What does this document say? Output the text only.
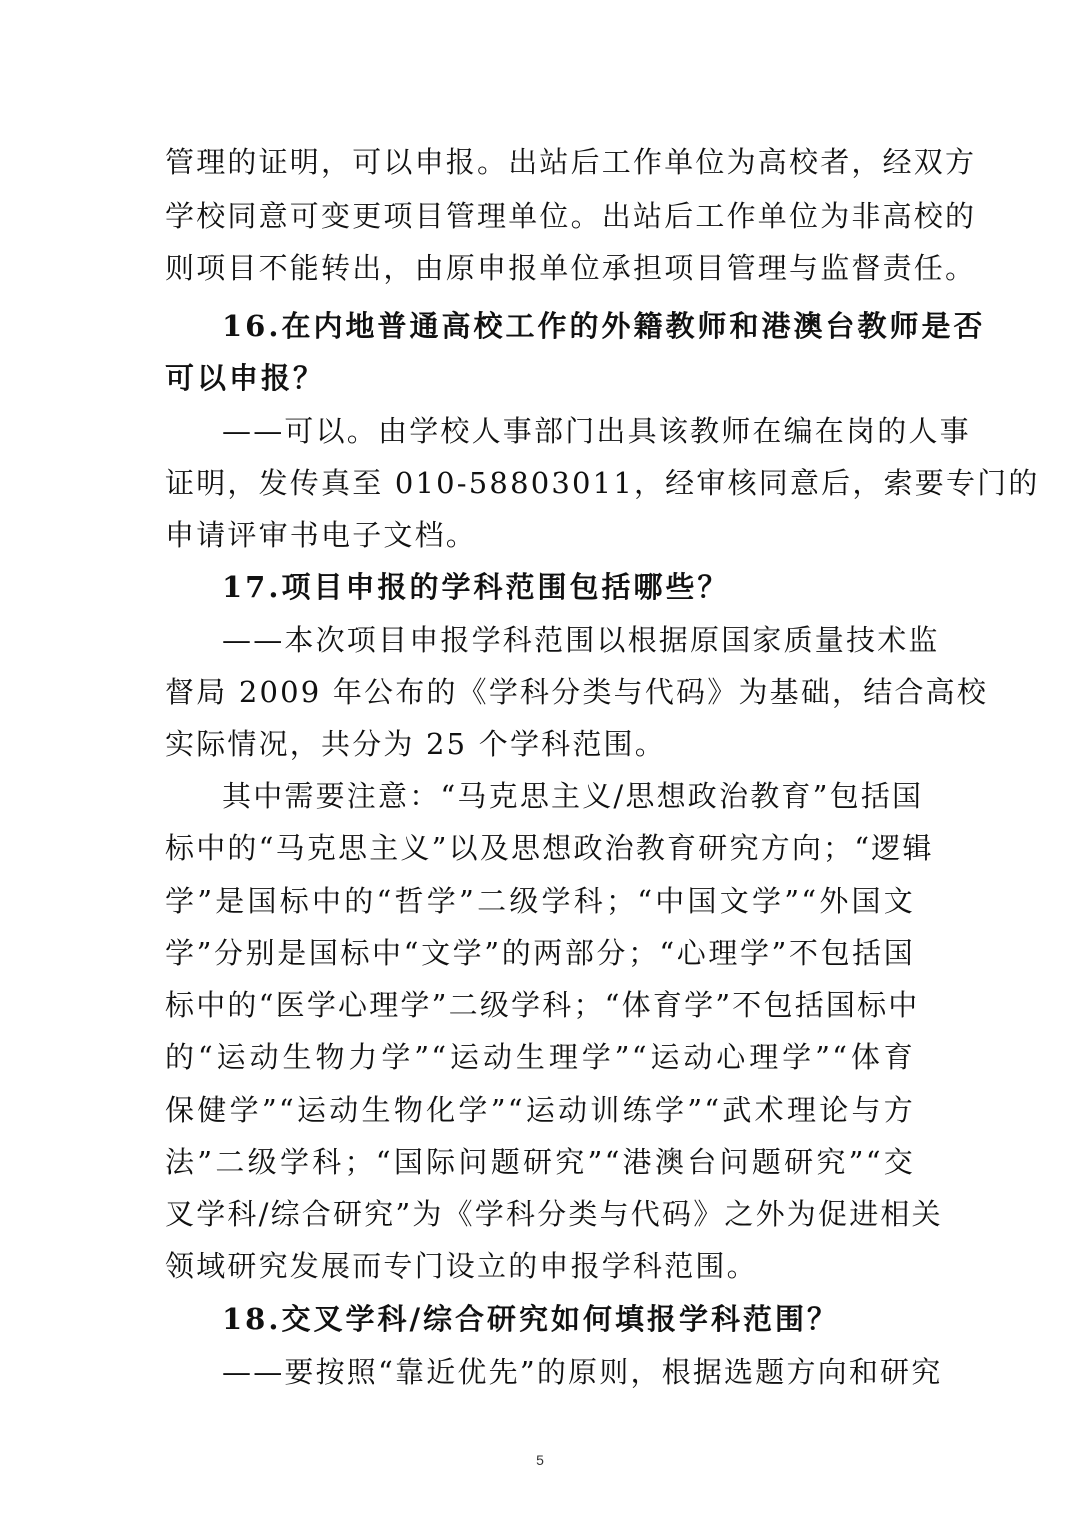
管理的证明，可以申报。出站后工作单位为高校者，经双方
学校同意可变更项目管理单位。出站后工作单位为非高校的
则项目不能转出，由原申报单位承担项目管理与监督责任。
16.在内地普通高校工作的外籍教师和港澳台教师是否
可以申报？
——可以。由学校人事部门出具该教师在编在岗的人事
证明，发传真至 010-58803011，经审核同意后，索要专门的
申请评审书电子文档。
17.项目申报的学科范围包括哪些？
——本次项目申报学科范围以根据原国家质量技术监
督局 2009 年公布的《学科分类与代码》为基础，结合高校
实际情况，共分为 25 个学科范围。
其中需要注意：“马克思主义/思想政治教育”包括国
标中的“马克思主义”以及思想政治教育研究方向；“逻辑
学”是国标中的“哲学”二级学科；“中国文学”“外国文
学”分别是国标中“文学”的两部分；“心理学”不包括国
标中的“医学心理学”二级学科；“体育学”不包括国标中
的“运动生物力学”“运动生理学”“运动心理学”“体育
保健学”“运动生物化学”“运动训练学”“武术理论与方
法”二级学科；“国际问题研究”“港澳台问题研究”“交
叉学科/综合研究”为《学科分类与代码》之外为促进相关
领域研究发展而专门设立的申报学科范围。
18.交叉学科/综合研究如何填报学科范围？
——要按照“靠近优先”的原则，根据选题方向和研究
5
